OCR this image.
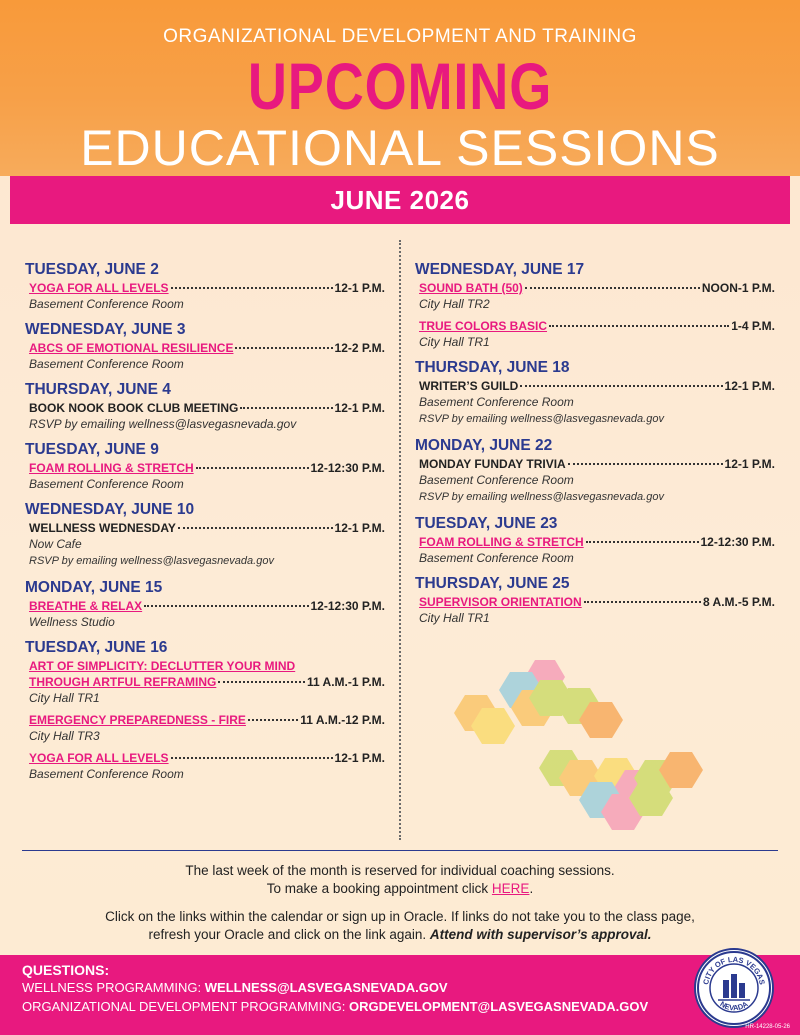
ORGANIZATIONAL DEVELOPMENT AND TRAINING
UPCOMING
EDUCATIONAL SESSIONS
JUNE 2026
TUESDAY, JUNE 2
YOGA FOR ALL LEVELS	12-1 P.M.
Basement Conference Room
WEDNESDAY, JUNE 3
ABCS OF EMOTIONAL RESILIENCE	12-2 P.M.
Basement Conference Room
THURSDAY, JUNE 4
BOOK NOOK BOOK CLUB MEETING	12-1 P.M.
RSVP by emailing wellness@lasvegasnevada.gov
TUESDAY, JUNE 9
FOAM ROLLING & STRETCH	12-12:30 P.M.
Basement Conference Room
WEDNESDAY, JUNE 10
WELLNESS WEDNESDAY	12-1 P.M.
Now Cafe
RSVP by emailing wellness@lasvegasnevada.gov
MONDAY, JUNE 15
BREATHE & RELAX	12-12:30 P.M.
Wellness Studio
TUESDAY, JUNE 16
ART OF SIMPLICITY: DECLUTTER YOUR MIND
THROUGH ARTFUL REFRAMING	11 A.M.-1 P.M.
City Hall TR1
EMERGENCY PREPAREDNESS - FIRE	11 A.M.-12 P.M.
City Hall TR3
YOGA FOR ALL LEVELS	12-1 P.M.
Basement Conference Room
WEDNESDAY, JUNE 17
SOUND BATH (50)	NOON-1 P.M.
City Hall TR2
TRUE COLORS BASIC	1-4 P.M.
City Hall TR1
THURSDAY, JUNE 18
WRITER’S GUILD	12-1 P.M.
Basement Conference Room
RSVP by emailing wellness@lasvegasnevada.gov
MONDAY, JUNE 22
MONDAY FUNDAY TRIVIA	12-1 P.M.
Basement Conference Room
RSVP by emailing wellness@lasvegasnevada.gov
TUESDAY, JUNE 23
FOAM ROLLING & STRETCH	12-12:30 P.M.
Basement Conference Room
THURSDAY, JUNE 25
SUPERVISOR ORIENTATION	8 A.M.-5 P.M.
City Hall TR1
The last week of the month is reserved for individual coaching sessions.
To make a booking appointment click HERE.
Click on the links within the calendar or sign up in Oracle. If links do not take you to the class page,
refresh your Oracle and click on the link again. Attend with supervisor’s approval.
QUESTIONS:
WELLNESS PROGRAMMING: WELLNESS@LASVEGASNEVADA.GOV
ORGANIZATIONAL DEVELOPMENT PROGRAMMING: ORGDEVELOPMENT@LASVEGASNEVADA.GOV
CITY OF LAS VEGAS
NEVADA
HR-14228-05-26
